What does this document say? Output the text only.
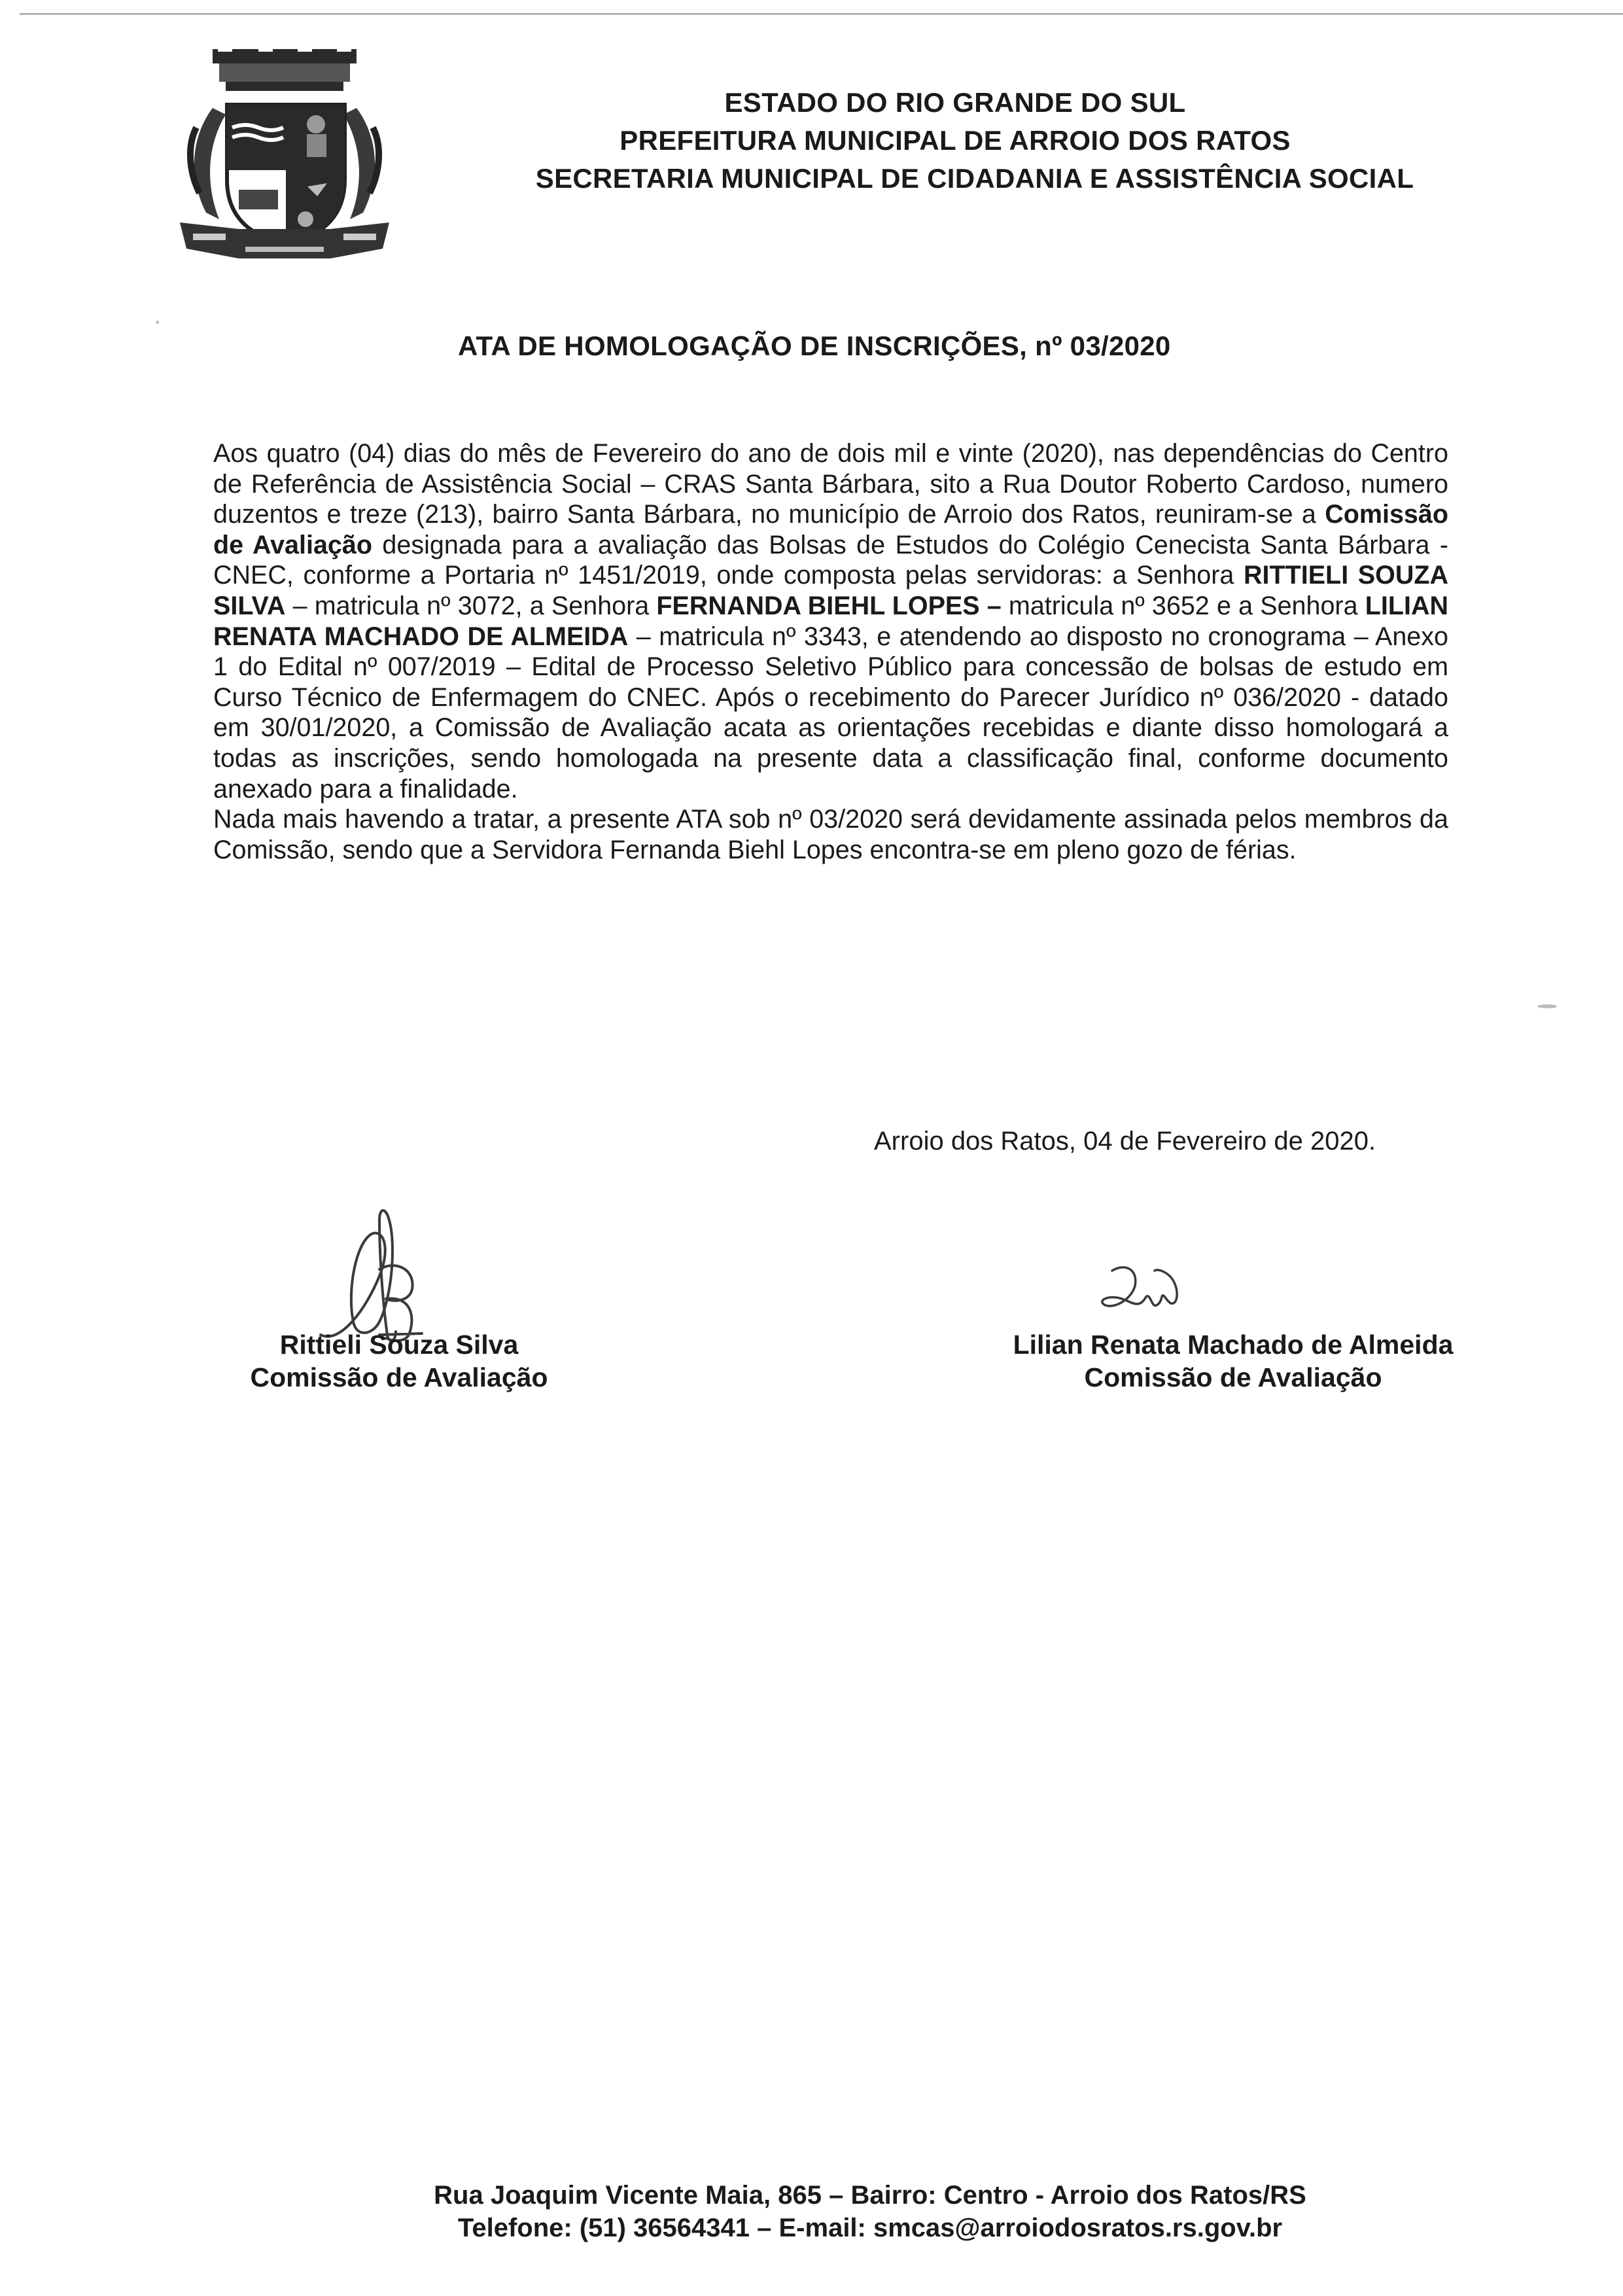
ESTADO DO RIO GRANDE DO SUL
PREFEITURA MUNICIPAL DE ARROIO DOS RATOS
SECRETARIA MUNICIPAL DE CIDADANIA E ASSISTÊNCIA SOCIAL
ATA DE HOMOLOGAÇÃO DE INSCRIÇÕES, nº 03/2020

Aos quatro (04) dias do mês de Fevereiro do ano de dois mil e vinte (2020), nas dependências do Centro de Referência de Assistência Social – CRAS Santa Bárbara, sito a Rua Doutor Roberto Cardoso, numero duzentos e treze (213), bairro Santa Bárbara, no município de Arroio dos Ratos, reuniram-se a Comissão de Avaliação designada para a avaliação das Bolsas de Estudos do Colégio Cenecista Santa Bárbara - CNEC, conforme a Portaria nº 1451/2019, onde composta pelas servidoras: a Senhora RITTIELI SOUZA SILVA – matricula nº 3072, a Senhora FERNANDA BIEHL LOPES – matricula nº 3652 e a Senhora LILIAN RENATA MACHADO DE ALMEIDA – matricula nº 3343, e atendendo ao disposto no cronograma – Anexo 1 do Edital nº 007/2019 – Edital de Processo Seletivo Público para concessão de bolsas de estudo em Curso Técnico de Enfermagem do CNEC. Após o recebimento do Parecer Jurídico nº 036/2020 - datado em 30/01/2020, a Comissão de Avaliação acata as orientações recebidas e diante disso homologará a todas as inscrições, sendo homologada na presente data a classificação final, conforme documento anexado para a finalidade.

Nada mais havendo a tratar, a presente ATA sob nº 03/2020 será devidamente assinada pelos membros da Comissão, sendo que a Servidora Fernanda Biehl Lopes encontra-se em pleno gozo de férias.

Arroio dos Ratos, 04 de Fevereiro de 2020.
Rittieli Souza Silva
Comissão de Avaliação
Lilian Renata Machado de Almeida
Comissão de Avaliação
Rua Joaquim Vicente Maia, 865 – Bairro: Centro - Arroio dos Ratos/RS
Telefone: (51) 36564341 – E-mail: smcas@arroiodosratos.rs.gov.br
